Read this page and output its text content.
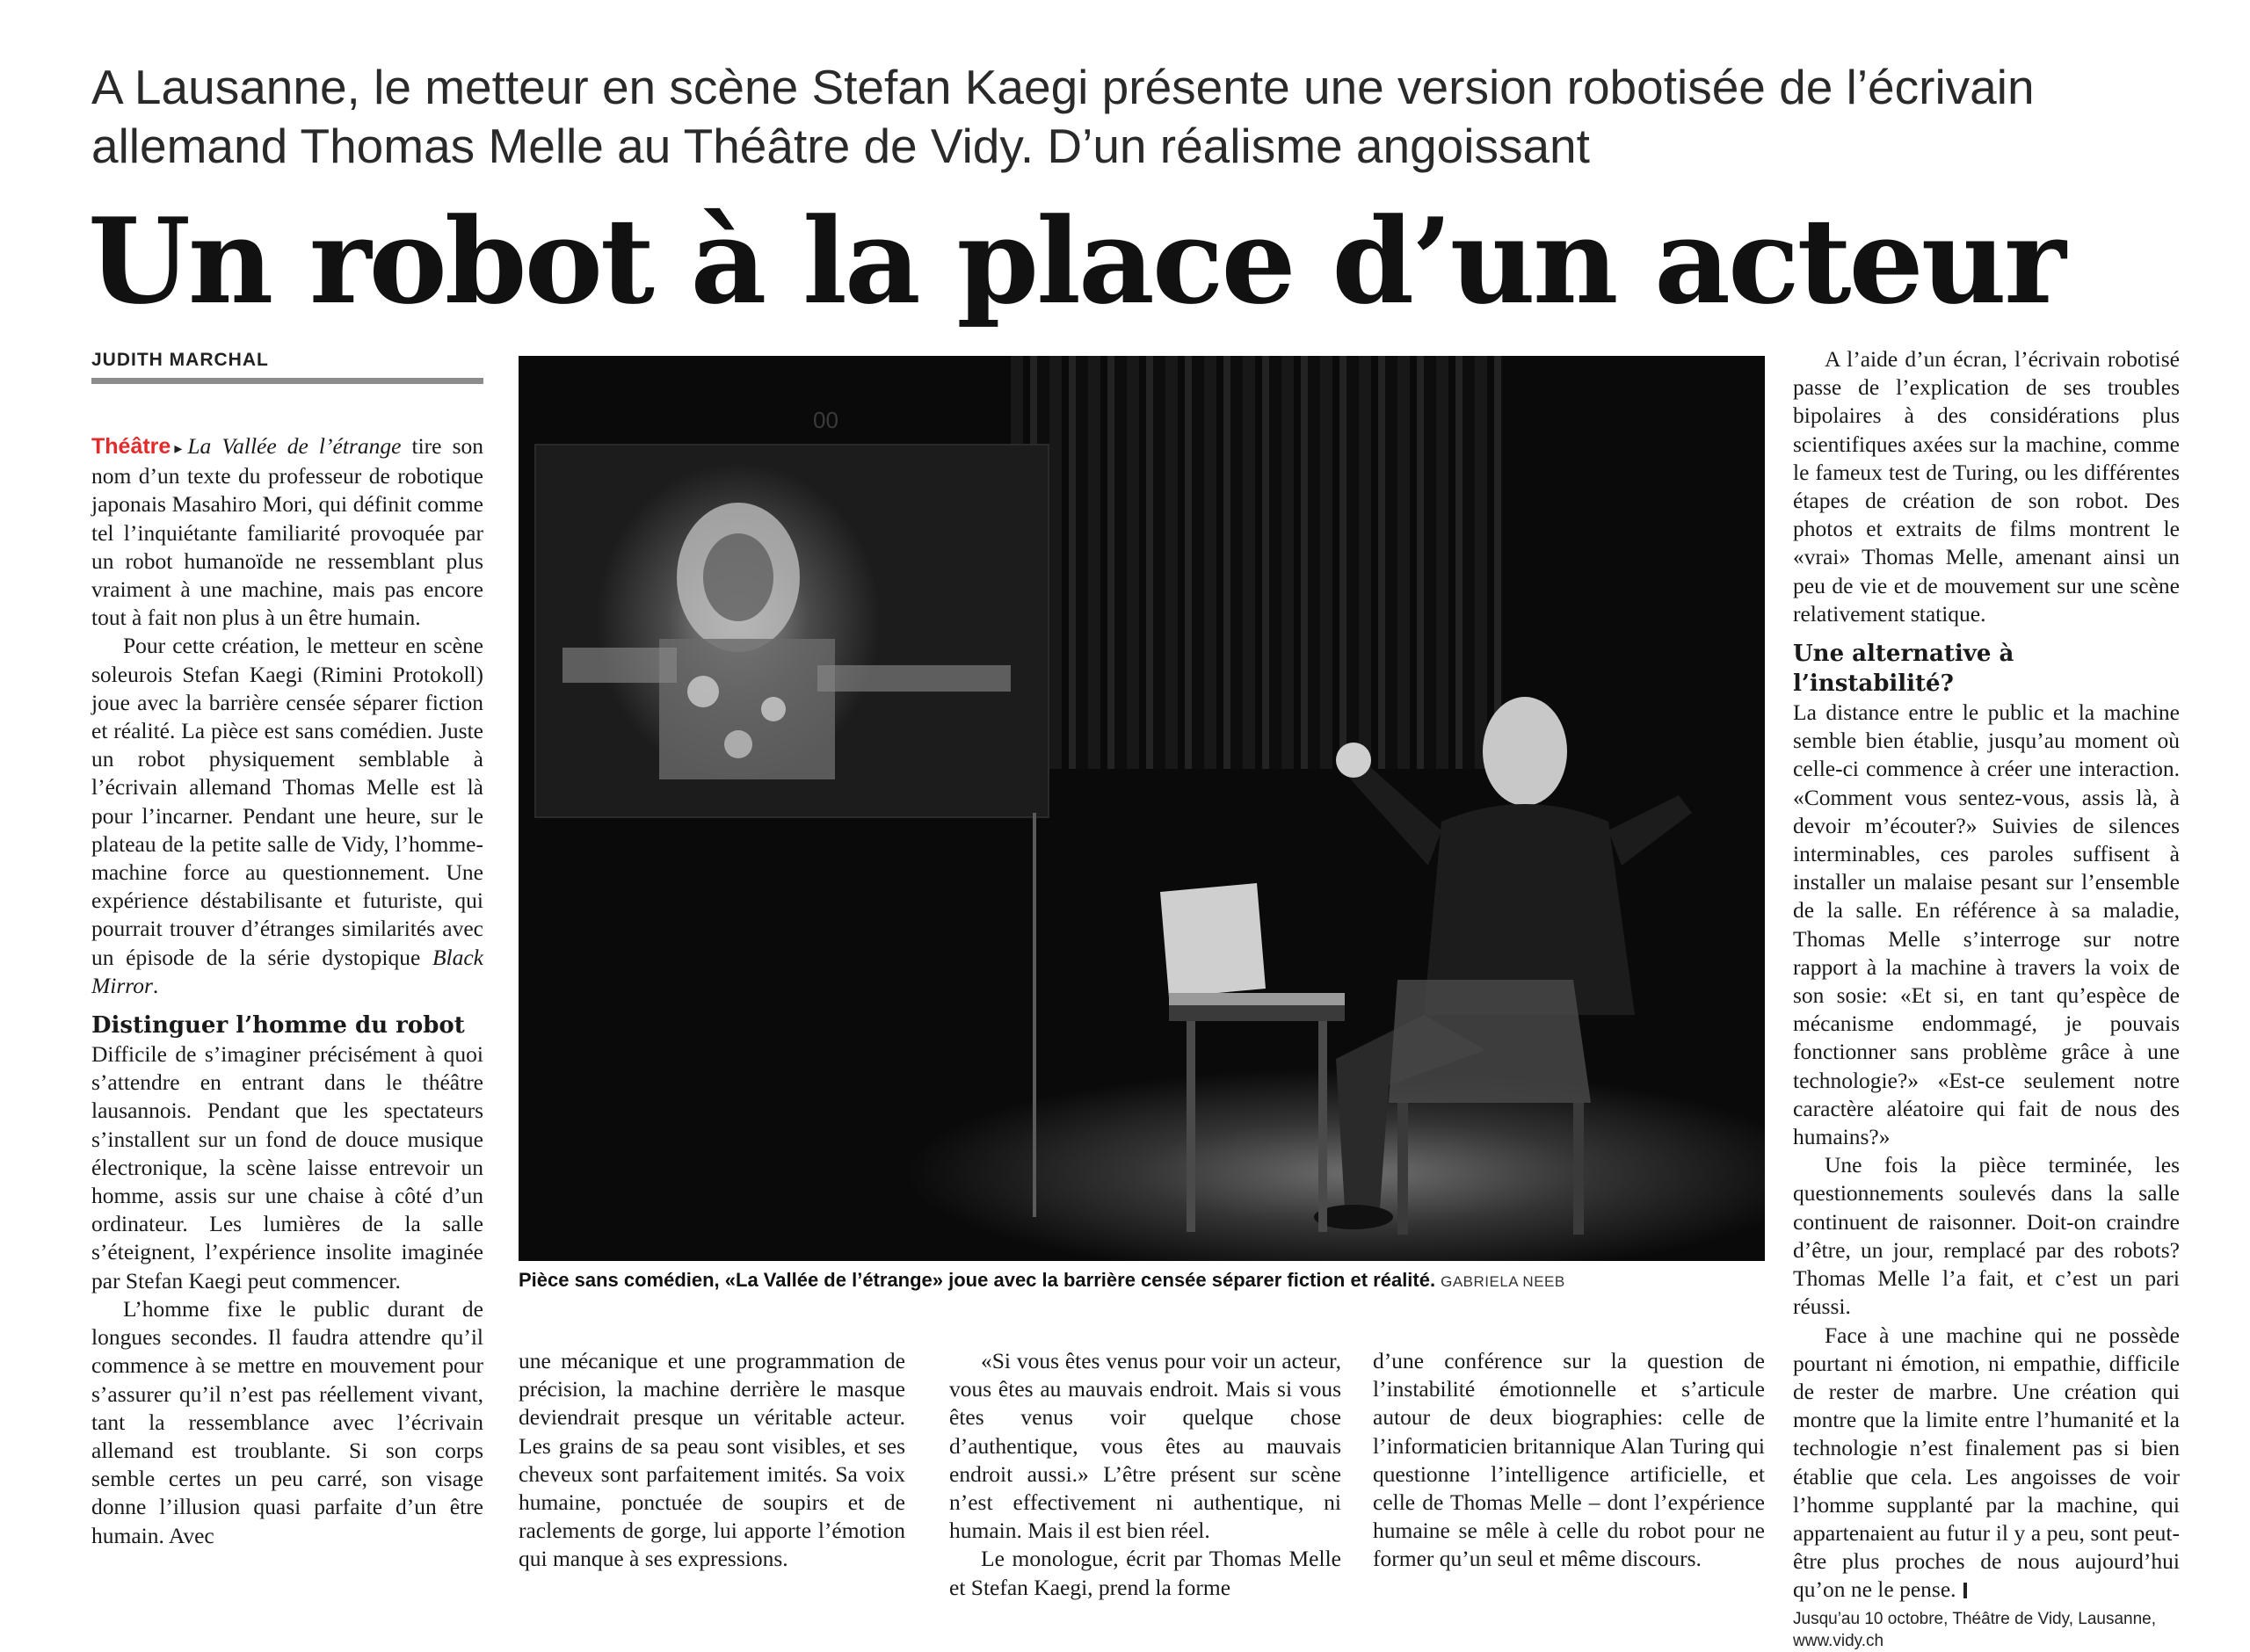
A Lausanne, le metteur en scène Stefan Kaegi présente une version robotisée de l’écrivain allemand Thomas Melle au Théâtre de Vidy. D’un réalisme angoissant
Un robot à la place d’un acteur
JUDITH MARCHAL

Théâtre ▸ La Vallée de l’étrange tire son nom d’un texte du professeur de robotique japonais Masahiro Mori, qui définit comme tel l’inquiétante familiarité provoquée par un robot humanoïde ne ressemblant plus vraiment à une machine, mais pas encore tout à fait non plus à un être humain.

Pour cette création, le metteur en scène soleurois Stefan Kaegi (Rimini Protokoll) joue avec la barrière censée séparer fiction et réalité. La pièce est sans comédien. Juste un robot physiquement semblable à l’écrivain allemand Thomas Melle est là pour l’incarner. Pendant une heure, sur le plateau de la petite salle de Vidy, l’homme-machine force au questionnement. Une expérience déstabilisante et futuriste, qui pourrait trouver d’étranges similarités avec un épisode de la série dystopique Black Mirror.

Distinguer l’homme du robot

Difficile de s’imaginer précisément à quoi s’attendre en entrant dans le théâtre lausannois. Pendant que les spectateurs s’installent sur un fond de douce musique électronique, la scène laisse entrevoir un homme, assis sur une chaise à côté d’un ordinateur. Les lumières de la salle s’éteignent, l’expérience insolite imaginée par Stefan Kaegi peut commencer.

L’homme fixe le public durant de longues secondes. Il faudra attendre qu’il commence à se mettre en mouvement pour s’assurer qu’il n’est pas réellement vivant, tant la ressemblance avec l’écrivain allemand est troublante. Si son corps semble certes un peu carré, son visage donne l’illusion quasi parfaite d’un être humain. Avec

00
Pièce sans comédien, «La Vallée de l’étrange» joue avec la barrière censée séparer fiction et réalité. GABRIELA NEEB

une mécanique et une programmation de précision, la machine derrière le masque deviendrait presque un véritable acteur. Les grains de sa peau sont visibles, et ses cheveux sont parfaitement imités. Sa voix humaine, ponctuée de soupirs et de raclements de gorge, lui apporte l’émotion qui manque à ses expressions.

«Si vous êtes venus pour voir un acteur, vous êtes au mauvais endroit. Mais si vous êtes venus voir quelque chose d’authentique, vous êtes au mauvais endroit aussi.» L’être présent sur scène n’est effectivement ni authentique, ni humain. Mais il est bien réel.

Le monologue, écrit par Thomas Melle et Stefan Kaegi, prend la forme

d’une conférence sur la question de l’instabilité émotionnelle et s’articule autour de deux biographies: celle de l’informaticien britannique Alan Turing qui questionne l’intelligence artificielle, et celle de Thomas Melle – dont l’expérience humaine se mêle à celle du robot pour ne former qu’un seul et même discours.

A l’aide d’un écran, l’écrivain robotisé passe de l’explication de ses troubles bipolaires à des considérations plus scientifiques axées sur la machine, comme le fameux test de Turing, ou les différentes étapes de création de son robot. Des photos et extraits de films montrent le «vrai» Thomas Melle, amenant ainsi un peu de vie et de mouvement sur une scène relativement statique.

Une alternative à l’instabilité?

La distance entre le public et la machine semble bien établie, jusqu’au moment où celle-ci commence à créer une interaction. «Comment vous sentez-vous, assis là, à devoir m’écouter?» Suivies de silences interminables, ces paroles suffisent à installer un malaise pesant sur l’ensemble de la salle. En référence à sa maladie, Thomas Melle s’interroge sur notre rapport à la machine à travers la voix de son sosie: «Et si, en tant qu’espèce de mécanisme endommagé, je pouvais fonctionner sans problème grâce à une technologie?» «Est-ce seulement notre caractère aléatoire qui fait de nous des humains?»

Une fois la pièce terminée, les questionnements soulevés dans la salle continuent de raisonner. Doit-on craindre d’être, un jour, remplacé par des robots? Thomas Melle l’a fait, et c’est un pari réussi.

Face à une machine qui ne possède pourtant ni émotion, ni empathie, difficile de rester de marbre. Une création qui montre que la limite entre l’humanité et la technologie n’est finalement pas si bien établie que cela. Les angoisses de voir l’homme supplanté par la machine, qui appartenaient au futur il y a peu, sont peut-être plus proches de nous aujourd’hui qu’on ne le pense.

Jusqu’au 10 octobre, Théâtre de Vidy, Lausanne, www.vidy.ch
